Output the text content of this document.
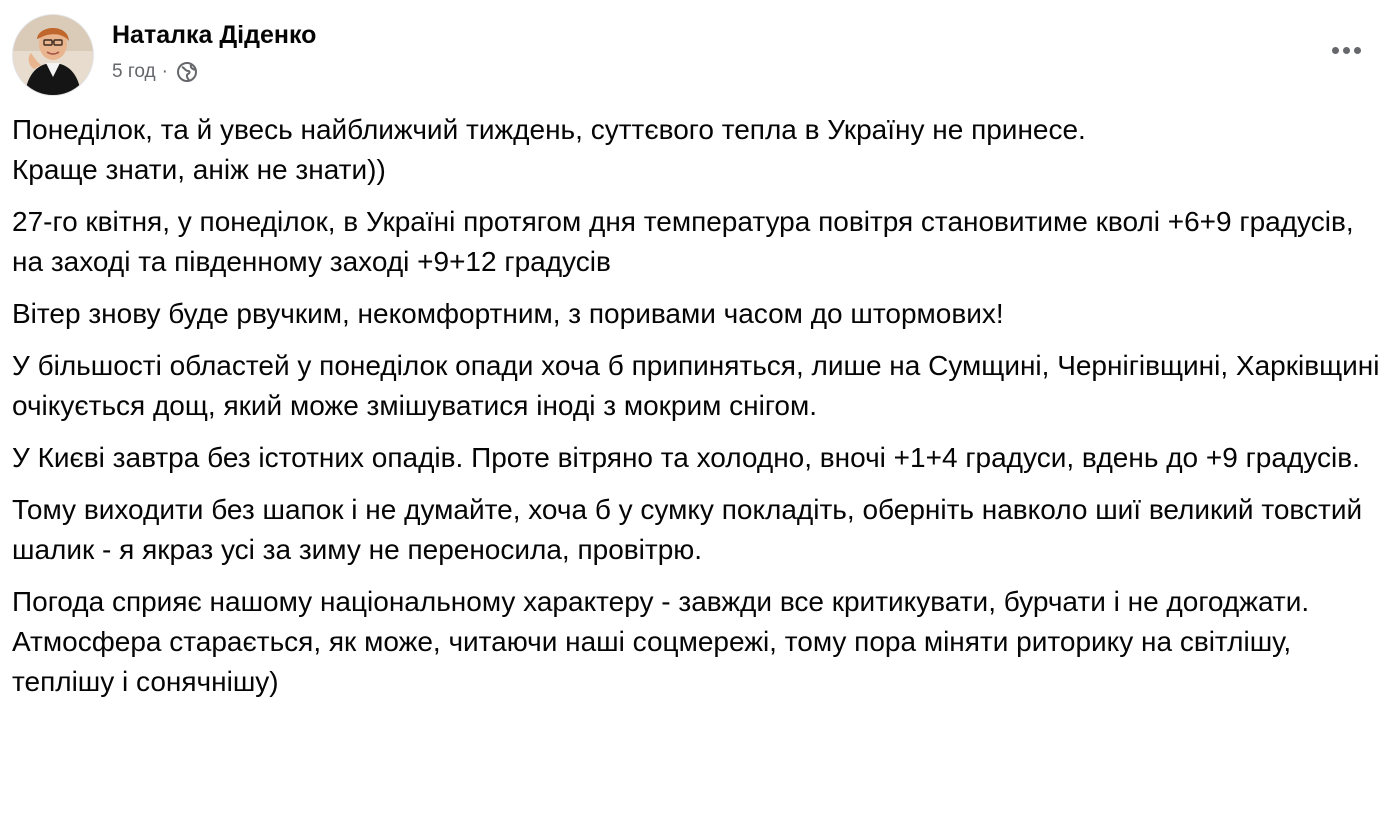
Наталка Діденко
5 год ·

Понеділок, та й увесь найближчий тиждень, суттєвого тепла в Україну не принесе.
Краще знати, аніж не знати))

27-го квітня, у понеділок, в Україні протягом дня температура повітря становитиме кволі +6+9 градусів, на заході та південному заході +9+12 градусів

Вітер знову буде рвучким, некомфортним, з поривами часом до штормових!

У більшості областей у понеділок опади хоча б припиняться, лише на Сумщині, Чернігівщині, Харківщині очікується дощ, який може змішуватися іноді з мокрим снігом.

У Києві завтра без істотних опадів. Проте вітряно та холодно, вночі +1+4 градуси, вдень до +9 градусів.

Тому виходити без шапок і не думайте, хоча б у сумку покладіть, оберніть навколо шиї великий товстий шалик - я якраз усі за зиму не переносила, провітрю.

Погода сприяє нашому національному характеру - завжди все критикувати, бурчати і не догоджати.
Атмосфера старається, як може, читаючи наші соцмережі, тому пора міняти риторику на світлішу, теплішу і сонячнішу)
